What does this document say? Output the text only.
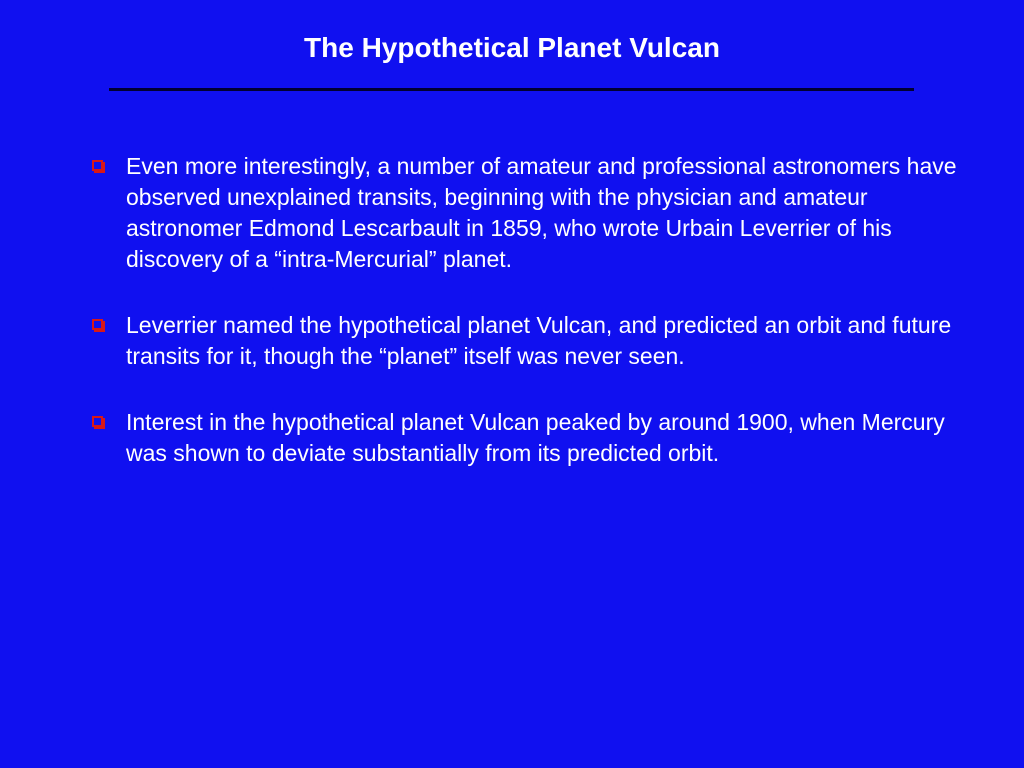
The Hypothetical Planet Vulcan
Even more interestingly, a number of amateur and professional astronomers have observed unexplained transits, beginning with the physician and amateur astronomer Edmond Lescarbault in 1859, who wrote Urbain Leverrier of his discovery of a “intra-Mercurial” planet.
Leverrier named the hypothetical planet Vulcan, and predicted an orbit and future transits for it, though the “planet” itself was never seen.
Interest in the hypothetical planet Vulcan peaked by around 1900, when Mercury was shown to deviate substantially from its predicted orbit.
